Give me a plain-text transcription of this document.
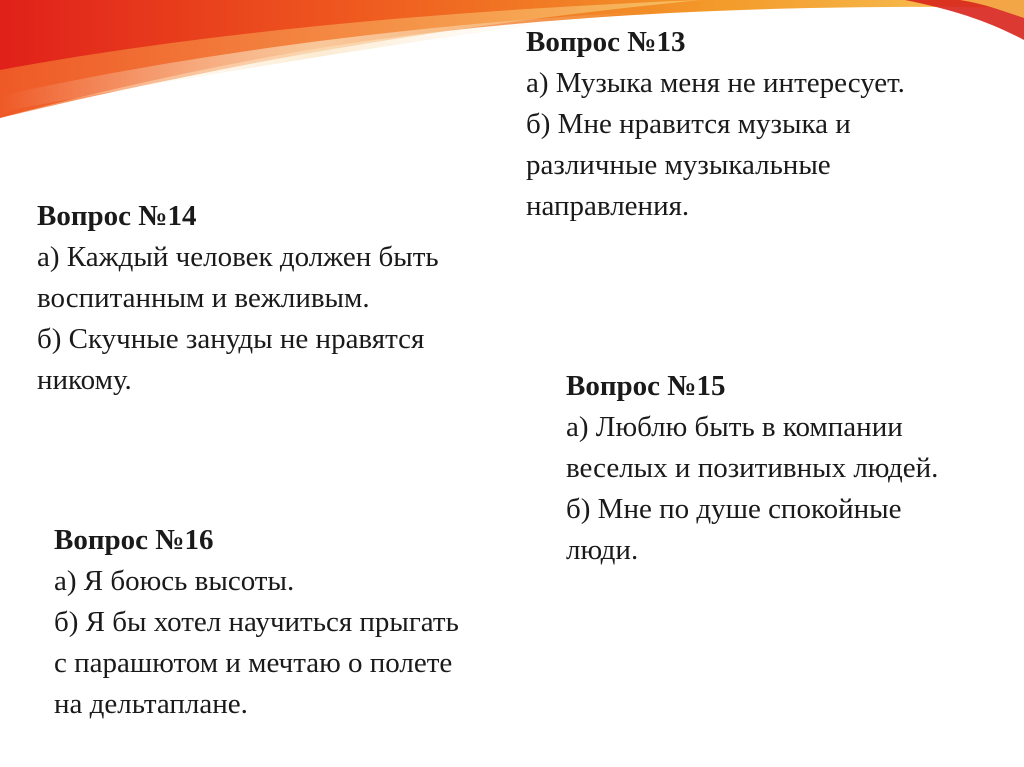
Вопрос №13
а) Музыка меня не интересует.
б) Мне нравится музыка и
различные музыкальные
направления.
Вопрос №14
а) Каждый человек должен быть
воспитанным и вежливым.
б) Скучные зануды не нравятся
никому.	Вопрос №15
а) Люблю быть в компании
веселых и позитивных людей.
б) Мне по душе спокойные
люди.
Вопрос №16
а) Я боюсь высоты.
б) Я бы хотел научиться прыгать
с парашютом и мечтаю о полете
на дельтаплане.
